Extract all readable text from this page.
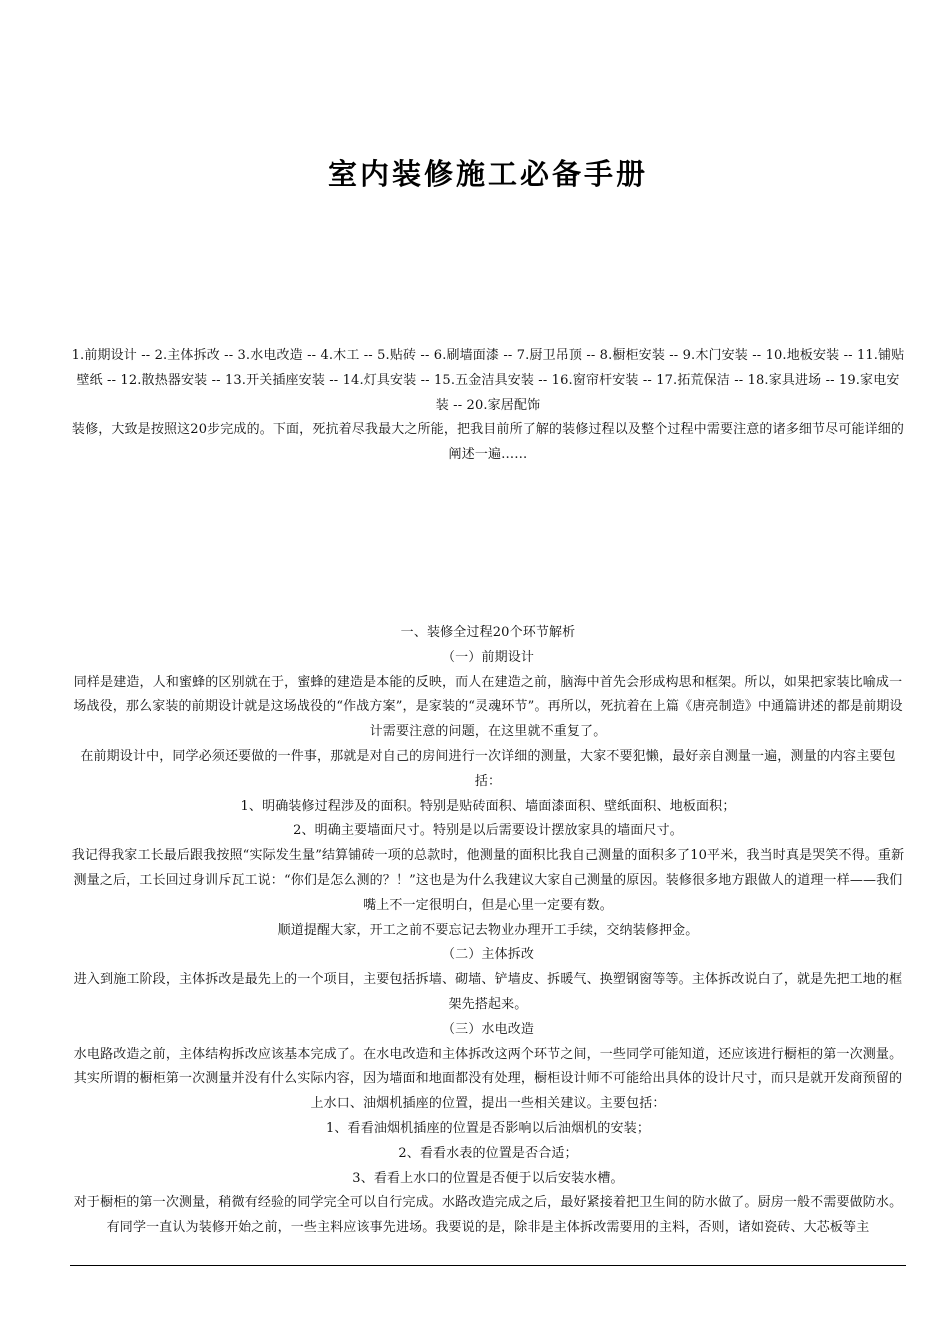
室内装修施工必备手册

1.前期设计 -- 2.主体拆改 -- 3.水电改造 -- 4.木工 -- 5.贴砖 -- 6.刷墙面漆 -- 7.厨卫吊顶 -- 8.橱柜安装 -- 9.木门安装 -- 10.地板安装 -- 11.铺贴壁纸 -- 12.散热器安装 -- 13.开关插座安装 -- 14.灯具安装 -- 15.五金洁具安装 -- 16.窗帘杆安装 -- 17.拓荒保洁 -- 18.家具进场 -- 19.家电安装 -- 20.家居配饰

装修，大致是按照这20步完成的。下面，死抗着尽我最大之所能，把我目前所了解的装修过程以及整个过程中需要注意的诸多细节尽可能详细的阐述一遍……

一、装修全过程20个环节解析

（一）前期设计

同样是建造，人和蜜蜂的区别就在于，蜜蜂的建造是本能的反映，而人在建造之前，脑海中首先会形成构思和框架。所以，如果把家装比喻成一场战役，那么家装的前期设计就是这场战役的“作战方案”，是家装的“灵魂环节”。再所以，死抗着在上篇《唐亮制造》中通篇讲述的都是前期设计需要注意的问题，在这里就不重复了。

在前期设计中，同学必须还要做的一件事，那就是对自己的房间进行一次详细的测量，大家不要犯懒，最好亲自测量一遍，测量的内容主要包括：

1、明确装修过程涉及的面积。特别是贴砖面积、墙面漆面积、壁纸面积、地板面积；

2、明确主要墙面尺寸。特别是以后需要设计摆放家具的墙面尺寸。

我记得我家工长最后跟我按照“实际发生量”结算铺砖一项的总款时，他测量的面积比我自己测量的面积多了10平米，我当时真是哭笑不得。重新测量之后，工长回过身训斥瓦工说：“你们是怎么测的？！”这也是为什么我建议大家自己测量的原因。装修很多地方跟做人的道理一样——我们嘴上不一定很明白，但是心里一定要有数。

顺道提醒大家，开工之前不要忘记去物业办理开工手续，交纳装修押金。

（二）主体拆改

进入到施工阶段，主体拆改是最先上的一个项目，主要包括拆墙、砌墙、铲墙皮、拆暖气、换塑钢窗等等。主体拆改说白了，就是先把工地的框架先搭起来。

（三）水电改造

水电路改造之前，主体结构拆改应该基本完成了。在水电改造和主体拆改这两个环节之间，一些同学可能知道，还应该进行橱柜的第一次测量。其实所谓的橱柜第一次测量并没有什么实际内容，因为墙面和地面都没有处理，橱柜设计师不可能给出具体的设计尺寸，而只是就开发商预留的上水口、油烟机插座的位置，提出一些相关建议。主要包括：

1、看看油烟机插座的位置是否影响以后油烟机的安装；

2、看看水表的位置是否合适；

3、看看上水口的位置是否便于以后安装水槽。

对于橱柜的第一次测量，稍微有经验的同学完全可以自行完成。水路改造完成之后，最好紧接着把卫生间的防水做了。厨房一般不需要做防水。

有同学一直认为装修开始之前，一些主料应该事先进场。我要说的是，除非是主体拆改需要用的主料，否则，诸如瓷砖、大芯板等主
